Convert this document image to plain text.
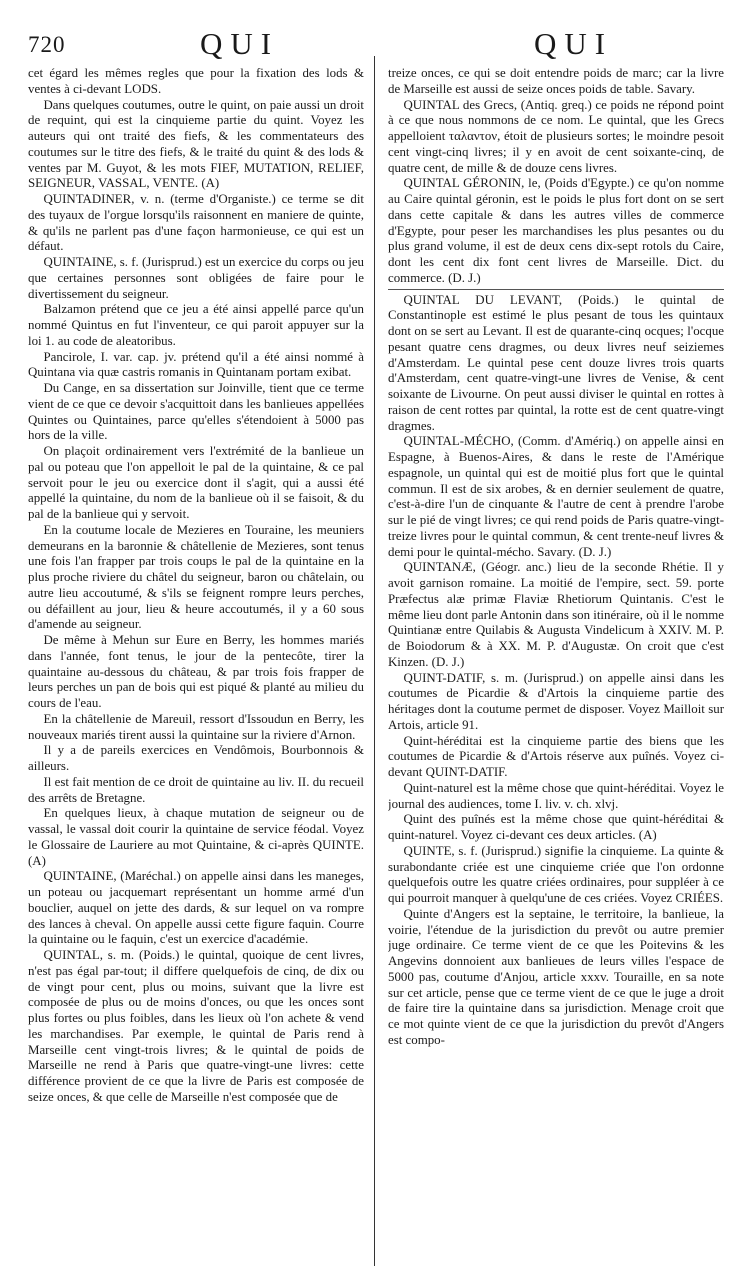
720	QUI	QUI

cet égard les mêmes regles que pour la fixation des lods & ventes à ci-devant LODS.

Dans quelques coutumes, outre le quint, on paie aussi un droit de requint, qui est la cinquieme partie du quint. Voyez les auteurs qui ont traité des fiefs, & les commentateurs des coutumes sur le titre des fiefs, & le traité du quint & des lods & ventes par M. Guyot, & les mots FIEF, MUTATION, RELIEF, SEIGNEUR, VASSAL, VENTE. (A)

QUINTADINER, v. n. (terme d'Organiste.) ce terme se dit des tuyaux de l'orgue lorsqu'ils raisonnent en maniere de quinte, & qu'ils ne parlent pas d'une façon harmonieuse, ce qui est un défaut.

QUINTAINE, s. f. (Jurisprud.) est un exercice du corps ou jeu que certaines personnes sont obligées de faire pour le divertissement du seigneur.

Balzamon prétend que ce jeu a été ainsi appellé parce qu'un nommé Quintus en fut l'inventeur, ce qui paroit appuyer sur la loi 1. au code de aleatoribus.

Pancirole, I. var. cap. jv. prétend qu'il a été ainsi nommé à Quintana via quæ castris romanis in Quintanam portam exibat.

Du Cange, en sa dissertation sur Joinville, tient que ce terme vient de ce que ce devoir s'acquittoit dans les banlieues appellées Quintes ou Quintaines, parce qu'elles s'étendoient à 5000 pas hors de la ville.

On plaçoit ordinairement vers l'extrémité de la banlieue un pal ou poteau que l'on appelloit le pal de la quintaine, & ce pal servoit pour le jeu ou exercice dont il s'agit, qui a aussi été appellé la quintaine, du nom de la banlieue où il se faisoit, & du pal de la banlieue qui y servoit.

En la coutume locale de Mezieres en Touraine, les meuniers demeurans en la baronnie & châtellenie de Mezieres, sont tenus une fois l'an frapper par trois coups le pal de la quintaine en la plus proche riviere du châtel du seigneur, baron ou châtelain, ou autre lieu accoutumé, & s'ils se feignent rompre leurs perches, ou défaillent au jour, lieu & heure accoutumés, il y a 60 sous d'amende au seigneur.

De même à Mehun sur Eure en Berry, les hommes mariés dans l'année, font tenus, le jour de la pentecôte, tirer la quaintaine au-dessous du château, & par trois fois frapper de leurs perches un pan de bois qui est piqué & planté au milieu du cours de l'eau.

En la châtellenie de Mareuil, ressort d'Issoudun en Berry, les nouveaux mariés tirent aussi la quintaine sur la riviere d'Arnon.

Il y a de pareils exercices en Vendômois, Bourbonnois & ailleurs.

Il est fait mention de ce droit de quintaine au liv. II. du recueil des arrêts de Bretagne.

En quelques lieux, à chaque mutation de seigneur ou de vassal, le vassal doit courir la quintaine de service féodal. Voyez le Glossaire de Lauriere au mot Quintaine, & ci-après QUINTE. (A)

QUINTAINE, (Maréchal.) on appelle ainsi dans les maneges, un poteau ou jacquemart représentant un homme armé d'un bouclier, auquel on jette des dards, & sur lequel on va rompre des lances à cheval. On appelle aussi cette figure faquin. Courre la quintaine ou le faquin, c'est un exercice d'académie.

QUINTAL, s. m. (Poids.) le quintal, quoique de cent livres, n'est pas égal par-tout; il differe quelquefois de cinq, de dix ou de vingt pour cent, plus ou moins, suivant que la livre est composée de plus ou de moins d'onces, ou que les onces sont plus fortes ou plus foibles, dans les lieux où l'on achete & vend les marchandises. Par exemple, le quintal de Paris rend à Marseille cent vingt-trois livres; & le quintal de poids de Marseille ne rend à Paris que quatre-vingt-une livres: cette différence provient de ce que la livre de Paris est composée de seize onces, & que celle de Marseille n'est composée que de

treize onces, ce qui se doit entendre poids de marc; car la livre de Marseille est aussi de seize onces poids de table. Savary.

QUINTAL des Grecs, (Antiq. greq.) ce poids ne répond point à ce que nous nommons de ce nom. Le quintal, que les Grecs appelloient ταλαντον, étoit de plusieurs sortes; le moindre pesoit cent vingt-cinq livres; il y en avoit de cent soixante-cinq, de quatre cent, de mille & de douze cens livres.

QUINTAL GÉRONIN, le, (Poids d'Egypte.) ce qu'on nomme au Caire quintal géronin, est le poids le plus fort dont on se sert dans cette capitale & dans les autres villes de commerce d'Egypte, pour peser les marchandises les plus pesantes ou du plus grand volume, il est de deux cens dix-sept rotols du Caire, dont les cent dix font cent livres de Marseille. Dict. du commerce. (D. J.)

QUINTAL DU LEVANT, (Poids.) le quintal de Constantinople est estimé le plus pesant de tous les quintaux dont on se sert au Levant. Il est de quarante-cinq ocques; l'ocque pesant quatre cens dragmes, ou deux livres neuf seiziemes d'Amsterdam. Le quintal pese cent douze livres trois quarts d'Amsterdam, cent quatre-vingt-une livres de Venise, & cent soixante de Livourne. On peut aussi diviser le quintal en rottes à raison de cent rottes par quintal, la rotte est de cent quatre-vingt dragmes.

QUINTAL-MÉCHO, (Comm. d'Amériq.) on appelle ainsi en Espagne, à Buenos-Aires, & dans le reste de l'Amérique espagnole, un quintal qui est de moitié plus fort que le quintal commun. Il est de six arobes, & en dernier seulement de quatre, c'est-à-dire l'un de cinquante & l'autre de cent à prendre l'arobe sur le pié de vingt livres; ce qui rend poids de Paris quatre-vingt-treize livres pour le quintal commun, & cent trente-neuf livres & demi pour le quintal-mécho. Savary. (D. J.)

QUINTANÆ, (Géogr. anc.) lieu de la seconde Rhétie. Il y avoit garnison romaine. La moitié de l'empire, sect. 59. porte Præfectus alæ primæ Flaviæ Rhetiorum Quintanis. C'est le même lieu dont parle Antonin dans son itinéraire, où il le nomme Quintianæ entre Quilabis & Augusta Vindelicum à XXIV. M. P. de Boiodorum & à XX. M. P. d'Augustæ. On croit que c'est Kinzen. (D. J.)

QUINT-DATIF, s. m. (Jurisprud.) on appelle ainsi dans les coutumes de Picardie & d'Artois la cinquieme partie des héritages dont la coutume permet de disposer. Voyez Mailloit sur Artois, article 91.

Quint-héréditai est la cinquieme partie des biens que les coutumes de Picardie & d'Artois réserve aux puînés. Voyez ci-devant QUINT-DATIF.

Quint-naturel est la même chose que quint-héréditai. Voyez le journal des audiences, tome I. liv. v. ch. xlvj.

Quint des puînés est la même chose que quint-héréditai & quint-naturel. Voyez ci-devant ces deux articles. (A)

QUINTE, s. f. (Jurisprud.) signifie la cinquieme. La quinte & surabondante criée est une cinquieme criée que l'on ordonne quelquefois outre les quatre criées ordinaires, pour suppléer à ce qui pourroit manquer à quelqu'une de ces criées. Voyez CRIÉES.

Quinte d'Angers est la septaine, le territoire, la banlieue, la voirie, l'étendue de la jurisdiction du prevôt ou autre premier juge ordinaire. Ce terme vient de ce que les Poitevins & les Angevins donnoient aux banlieues de leurs villes l'espace de 5000 pas, coutume d'Anjou, article xxxv. Touraille, en sa note sur cet article, pense que ce terme vient de ce que le juge a droit de faire tire la quintaine dans sa jurisdiction. Menage croit que ce mot quinte vient de ce que la jurisdiction du prevôt d'Angers est compo-
